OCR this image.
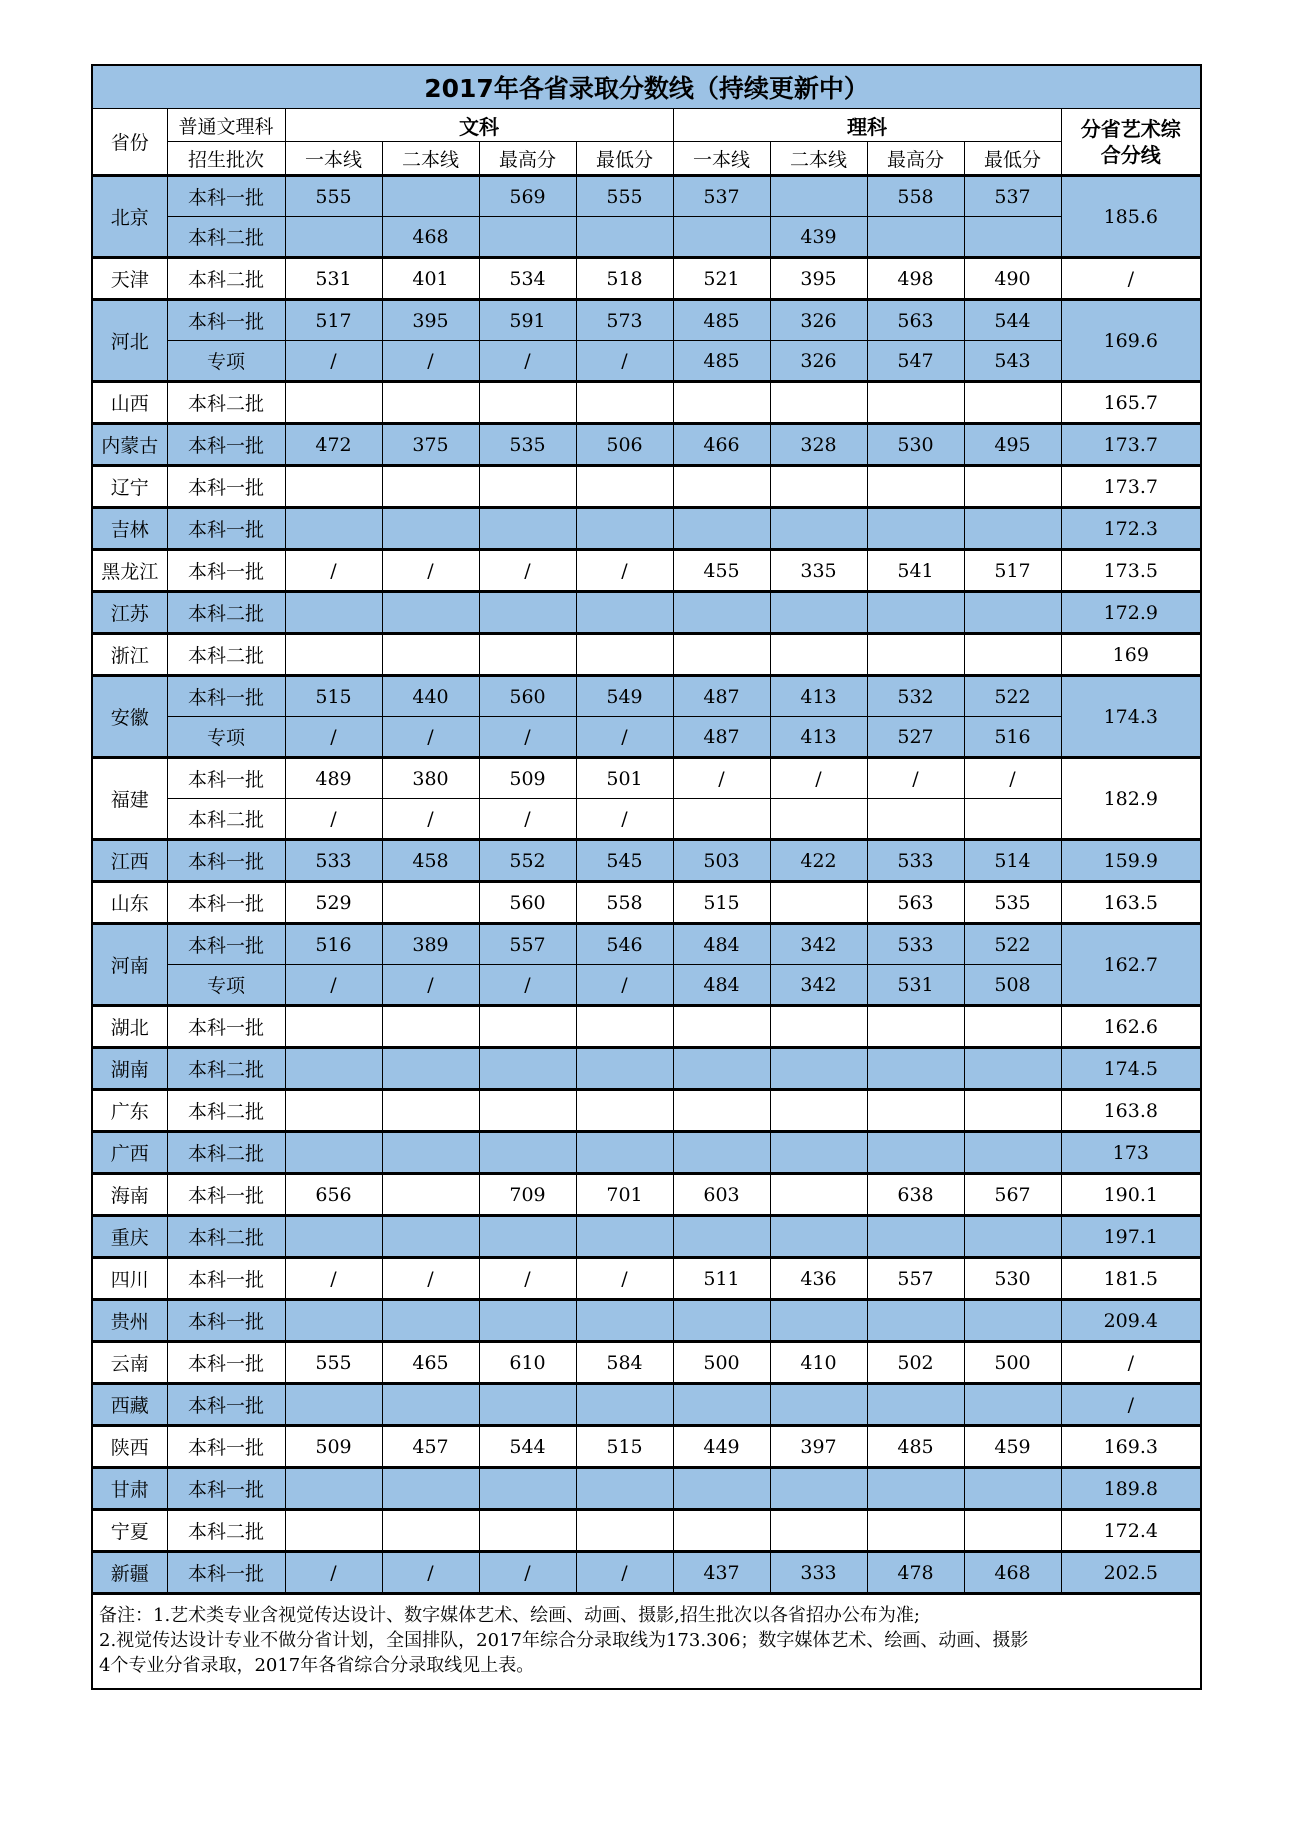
2017年各省录取分数线（持续更新中）										
省份	普通文理科	文科				理科				分省艺术综
合分线
	招生批次	一本线	二本线	最高分	最低分	一本线	二本线	最高分	最低分	
北京	本科一批	555		569	555	537		558	537	185.6
	本科二批		468				439			
天津	本科二批	531	401	534	518	521	395	498	490	/
河北	本科一批	517	395	591	573	485	326	563	544	169.6
	专项	/	/	/	/	485	326	547	543	
山西	本科二批									165.7
内蒙古	本科一批	472	375	535	506	466	328	530	495	173.7
辽宁	本科一批									173.7
吉林	本科一批									172.3
黑龙江	本科一批	/	/	/	/	455	335	541	517	173.5
江苏	本科二批									172.9
浙江	本科二批									169
安徽	本科一批	515	440	560	549	487	413	532	522	174.3
	专项	/	/	/	/	487	413	527	516	
福建	本科一批	489	380	509	501	/	/	/	/	182.9
	本科二批	/	/	/	/					
江西	本科一批	533	458	552	545	503	422	533	514	159.9
山东	本科一批	529		560	558	515		563	535	163.5
河南	本科一批	516	389	557	546	484	342	533	522	162.7
	专项	/	/	/	/	484	342	531	508	
湖北	本科一批									162.6
湖南	本科二批									174.5
广东	本科二批									163.8
广西	本科二批									173
海南	本科一批	656		709	701	603		638	567	190.1
重庆	本科二批									197.1
四川	本科一批	/	/	/	/	511	436	557	530	181.5
贵州	本科一批									209.4
云南	本科一批	555	465	610	584	500	410	502	500	/
西藏	本科一批									/
陕西	本科一批	509	457	544	515	449	397	485	459	169.3
甘肃	本科一批									189.8
宁夏	本科二批									172.4
新疆	本科一批	/	/	/	/	437	333	478	468	202.5

备注：1.艺术类专业含视觉传达设计、数字媒体艺术、绘画、动画、摄影,招生批次以各省招办公布为准;
2.视觉传达设计专业不做分省计划，全国排队，2017年综合分录取线为173.306；数字媒体艺术、绘画、动画、摄影
4个专业分省录取，2017年各省综合分录取线见上表。										
